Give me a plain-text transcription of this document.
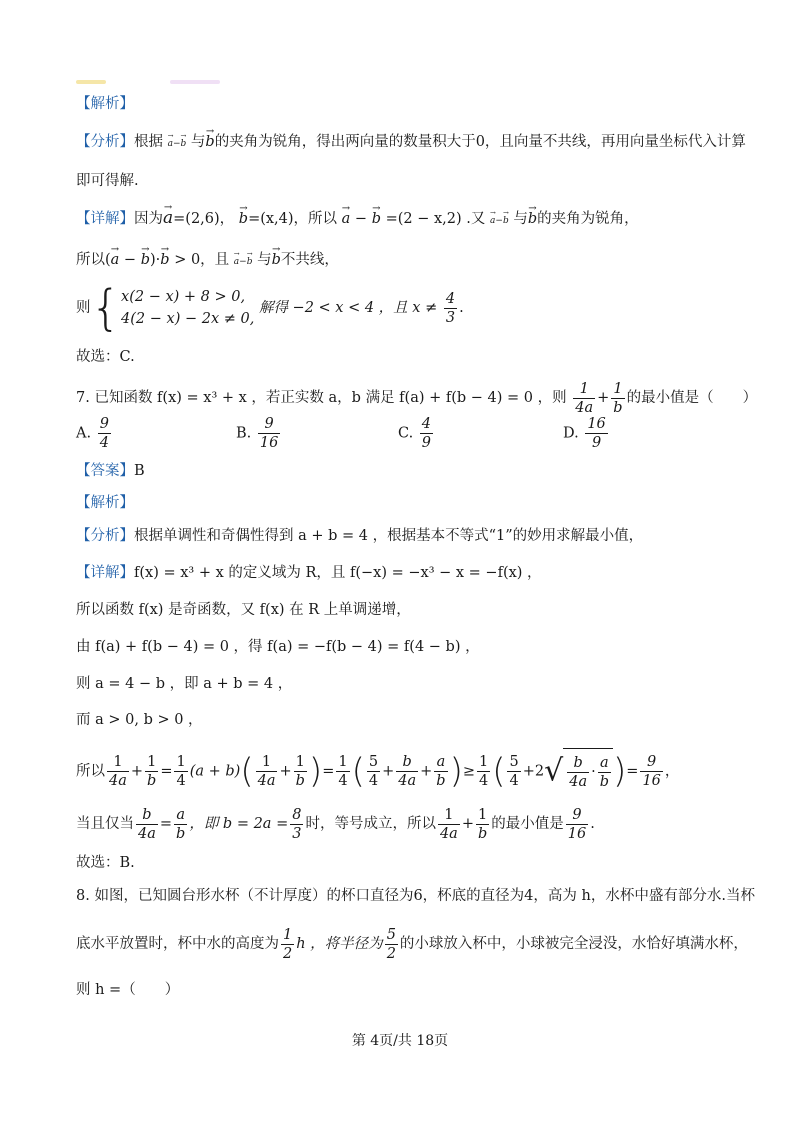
【解析】
【分析】根据 → a−→ b 与→ b的夹角为锐角，得出两向量的数量积大于0，且向量不共线，再用向量坐标代入计算
即可得解.
【详解】因为→ a=(2,6)， → b=(x,4)，所以 → a − → b =(2 − x,2) .又 → a−→ b 与→ b的夹角为锐角，
所以(→ a − → b)·→ b > 0，且 → a−→ b 与→ b不共线，
则{ x(2 − x) + 8 > 0,
4(2 − x) − 2x ≠ 0,
解得 −2 < x < 4 ，且 $x \ne \frac{4}{3}$ .
故选：C.
7. 已知函数 f(x) = x³ + x ，若正实数 a，b 满足 f(a) + f(b − 4) = 0 ，则 $\frac{1}{4a} + \frac{1}{b}$ 的最小值是（　　）
A. $\frac{9}{4}$	B. $\frac{9}{16}$	C. $\frac{4}{9}$	D. $\frac{16}{9}$
【答案】B
【解析】
【分析】根据单调性和奇偶性得到 a + b = 4 ，根据基本不等式“1”的妙用求解最小值，
【详解】f(x) = x³ + x 的定义域为 R，且 f(−x) = −x³ − x = −f(x) ，
所以函数 f(x) 是奇函数，又 f(x) 在 R 上单调递增，
由 f(a) + f(b − 4) = 0 ，得 f(a) = −f(b − 4) = f(4 − b) ，
则 a = 4 − b ，即 a + b = 4 ，
而 a > 0, b > 0 ，
所以 $\frac{1}{4a} + \frac{1}{b} = \frac{1}{4} (a + b)( \frac{1}{4a} + \frac{1}{b}$ )= $\frac{1}{4}$ ( $\frac{5}{4} + \frac{b}{4a} + \frac{a}{b}$ )≥ $\frac{1}{4}$ ( $\frac{5}{4} +2√ \frac{b}{4a} \cdot \frac{a}{b}$ )= $\frac{9}{16}$ ，
当且仅当 $\frac{b}{4a} = \frac{a}{b}$ ，即 $b = 2a = \frac{8}{3}$ 时，等号成立，所以 $\frac{1}{4a} + \frac{1}{b}$ 的最小值是 $\frac{9}{16}$ .
故选：B.
8. 如图，已知圆台形水杯（不计厚度）的杯口直径为6，杯底的直径为4，高为 h，水杯中盛有部分水.当杯
底水平放置时，杯中水的高度为 $\frac{1}{2}$ h ，将半径为 $\frac{5}{2}$ 的小球放入杯中，小球被完全浸没，水恰好填满水杯，
则 h =（　　）
第 4页/共 18页
